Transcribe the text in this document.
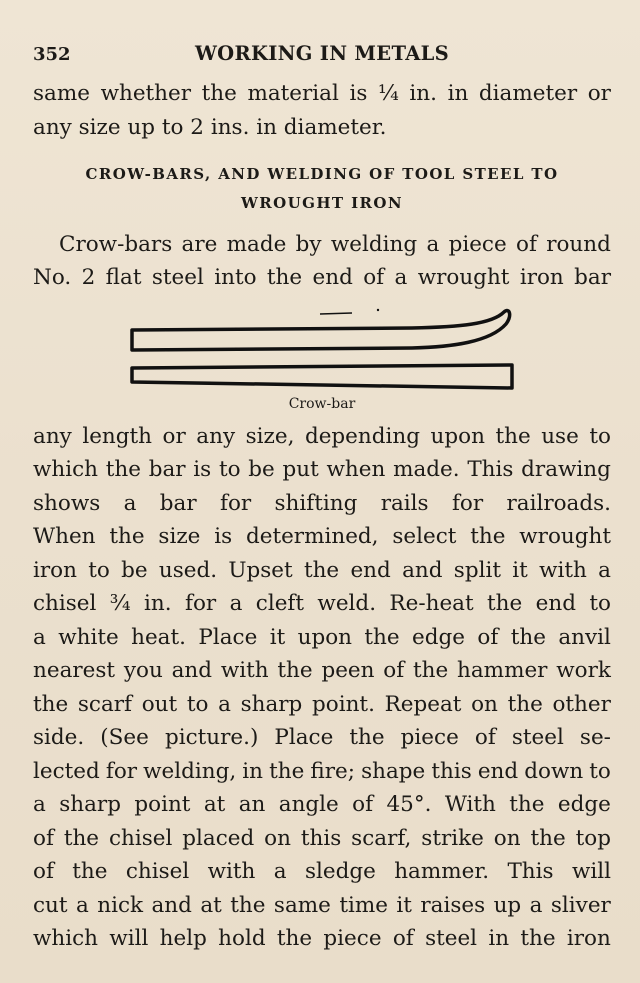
352	WORKING IN METALS
same whether the material is ¼ in. in diameter or
any size up to 2 ins. in diameter.
CROW-BARS, AND WELDING OF TOOL STEEL TO
WROUGHT IRON
Crow-bars are made by welding a piece of round
No. 2 flat steel into the end of a wrought iron bar
Crow-bar
any length or any size, depending upon the use to
which the bar is to be put when made. This drawing
shows a bar for shifting rails for railroads.
When the size is determined, select the wrought
iron to be used. Upset the end and split it with a
chisel ¾ in. for a cleft weld. Re-heat the end to
a white heat. Place it upon the edge of the anvil
nearest you and with the peen of the hammer work
the scarf out to a sharp point. Repeat on the other
side. (See picture.) Place the piece of steel se-
lected for welding, in the fire; shape this end down to
a sharp point at an angle of 45°. With the edge
of the chisel placed on this scarf, strike on the top
of the chisel with a sledge hammer. This will
cut a nick and at the same time it raises up a sliver
which will help hold the piece of steel in the iron
